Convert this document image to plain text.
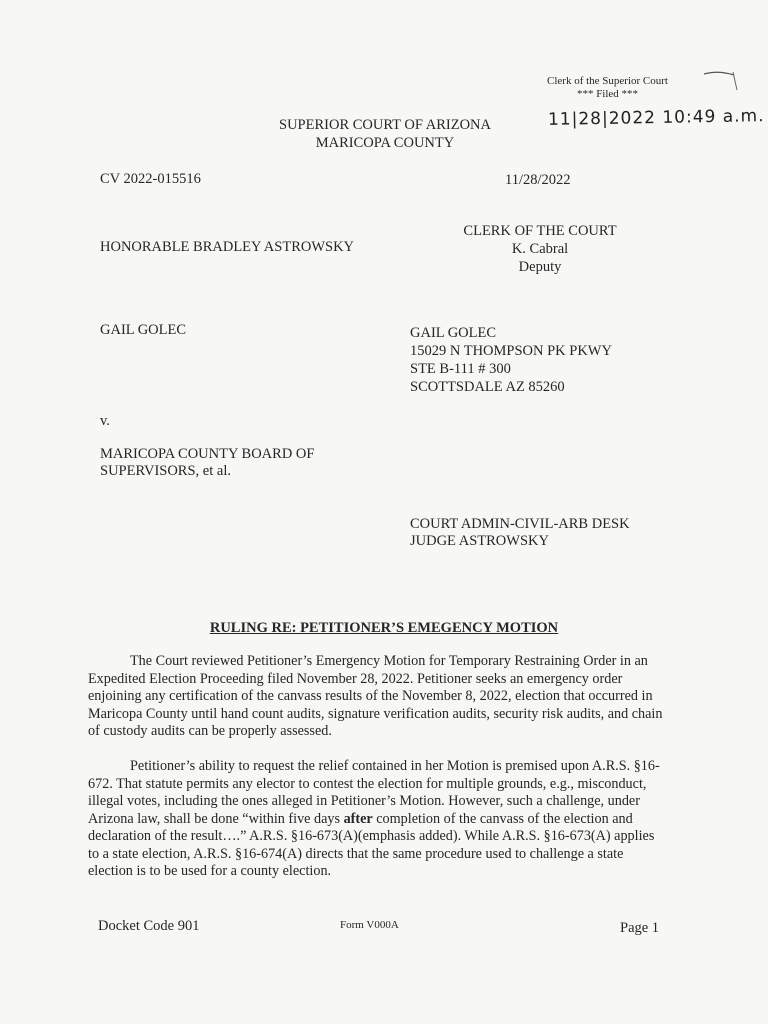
Clerk of the Superior Court
*** Filed ***
11|28|2022 10:49 a.m.
SUPERIOR COURT OF ARIZONA
MARICOPA COUNTY
CV 2022-015516	11/28/2022
HONORABLE BRADLEY ASTROWSKY
CLERK OF THE COURT
K. Cabral
Deputy
GAIL GOLEC	GAIL GOLEC
15029 N THOMPSON PK PKWY
STE B-111 # 300
SCOTTSDALE AZ 85260
v.
MARICOPA COUNTY BOARD OF
SUPERVISORS, et al.
COURT ADMIN-CIVIL-ARB DESK
JUDGE ASTROWSKY
RULING RE: PETITIONER’S EMEGENCY MOTION

The Court reviewed Petitioner’s Emergency Motion for Temporary Restraining Order in an Expedited Election Proceeding filed November 28, 2022. Petitioner seeks an emergency order enjoining any certification of the canvass results of the November 8, 2022, election that occurred in Maricopa County until hand count audits, signature verification audits, security risk audits, and chain of custody audits can be properly assessed.

Petitioner’s ability to request the relief contained in her Motion is premised upon A.R.S. §16-672. That statute permits any elector to contest the election for multiple grounds, e.g., misconduct, illegal votes, including the ones alleged in Petitioner’s Motion. However, such a challenge, under Arizona law, shall be done “within five days after completion of the canvass of the election and declaration of the result….” A.R.S. §16-673(A)(emphasis added). While A.R.S. §16-673(A) applies to a state election, A.R.S. §16-674(A) directs that the same procedure used to challenge a state election is to be used for a county election.

Docket Code 901	Form V000A	Page 1
